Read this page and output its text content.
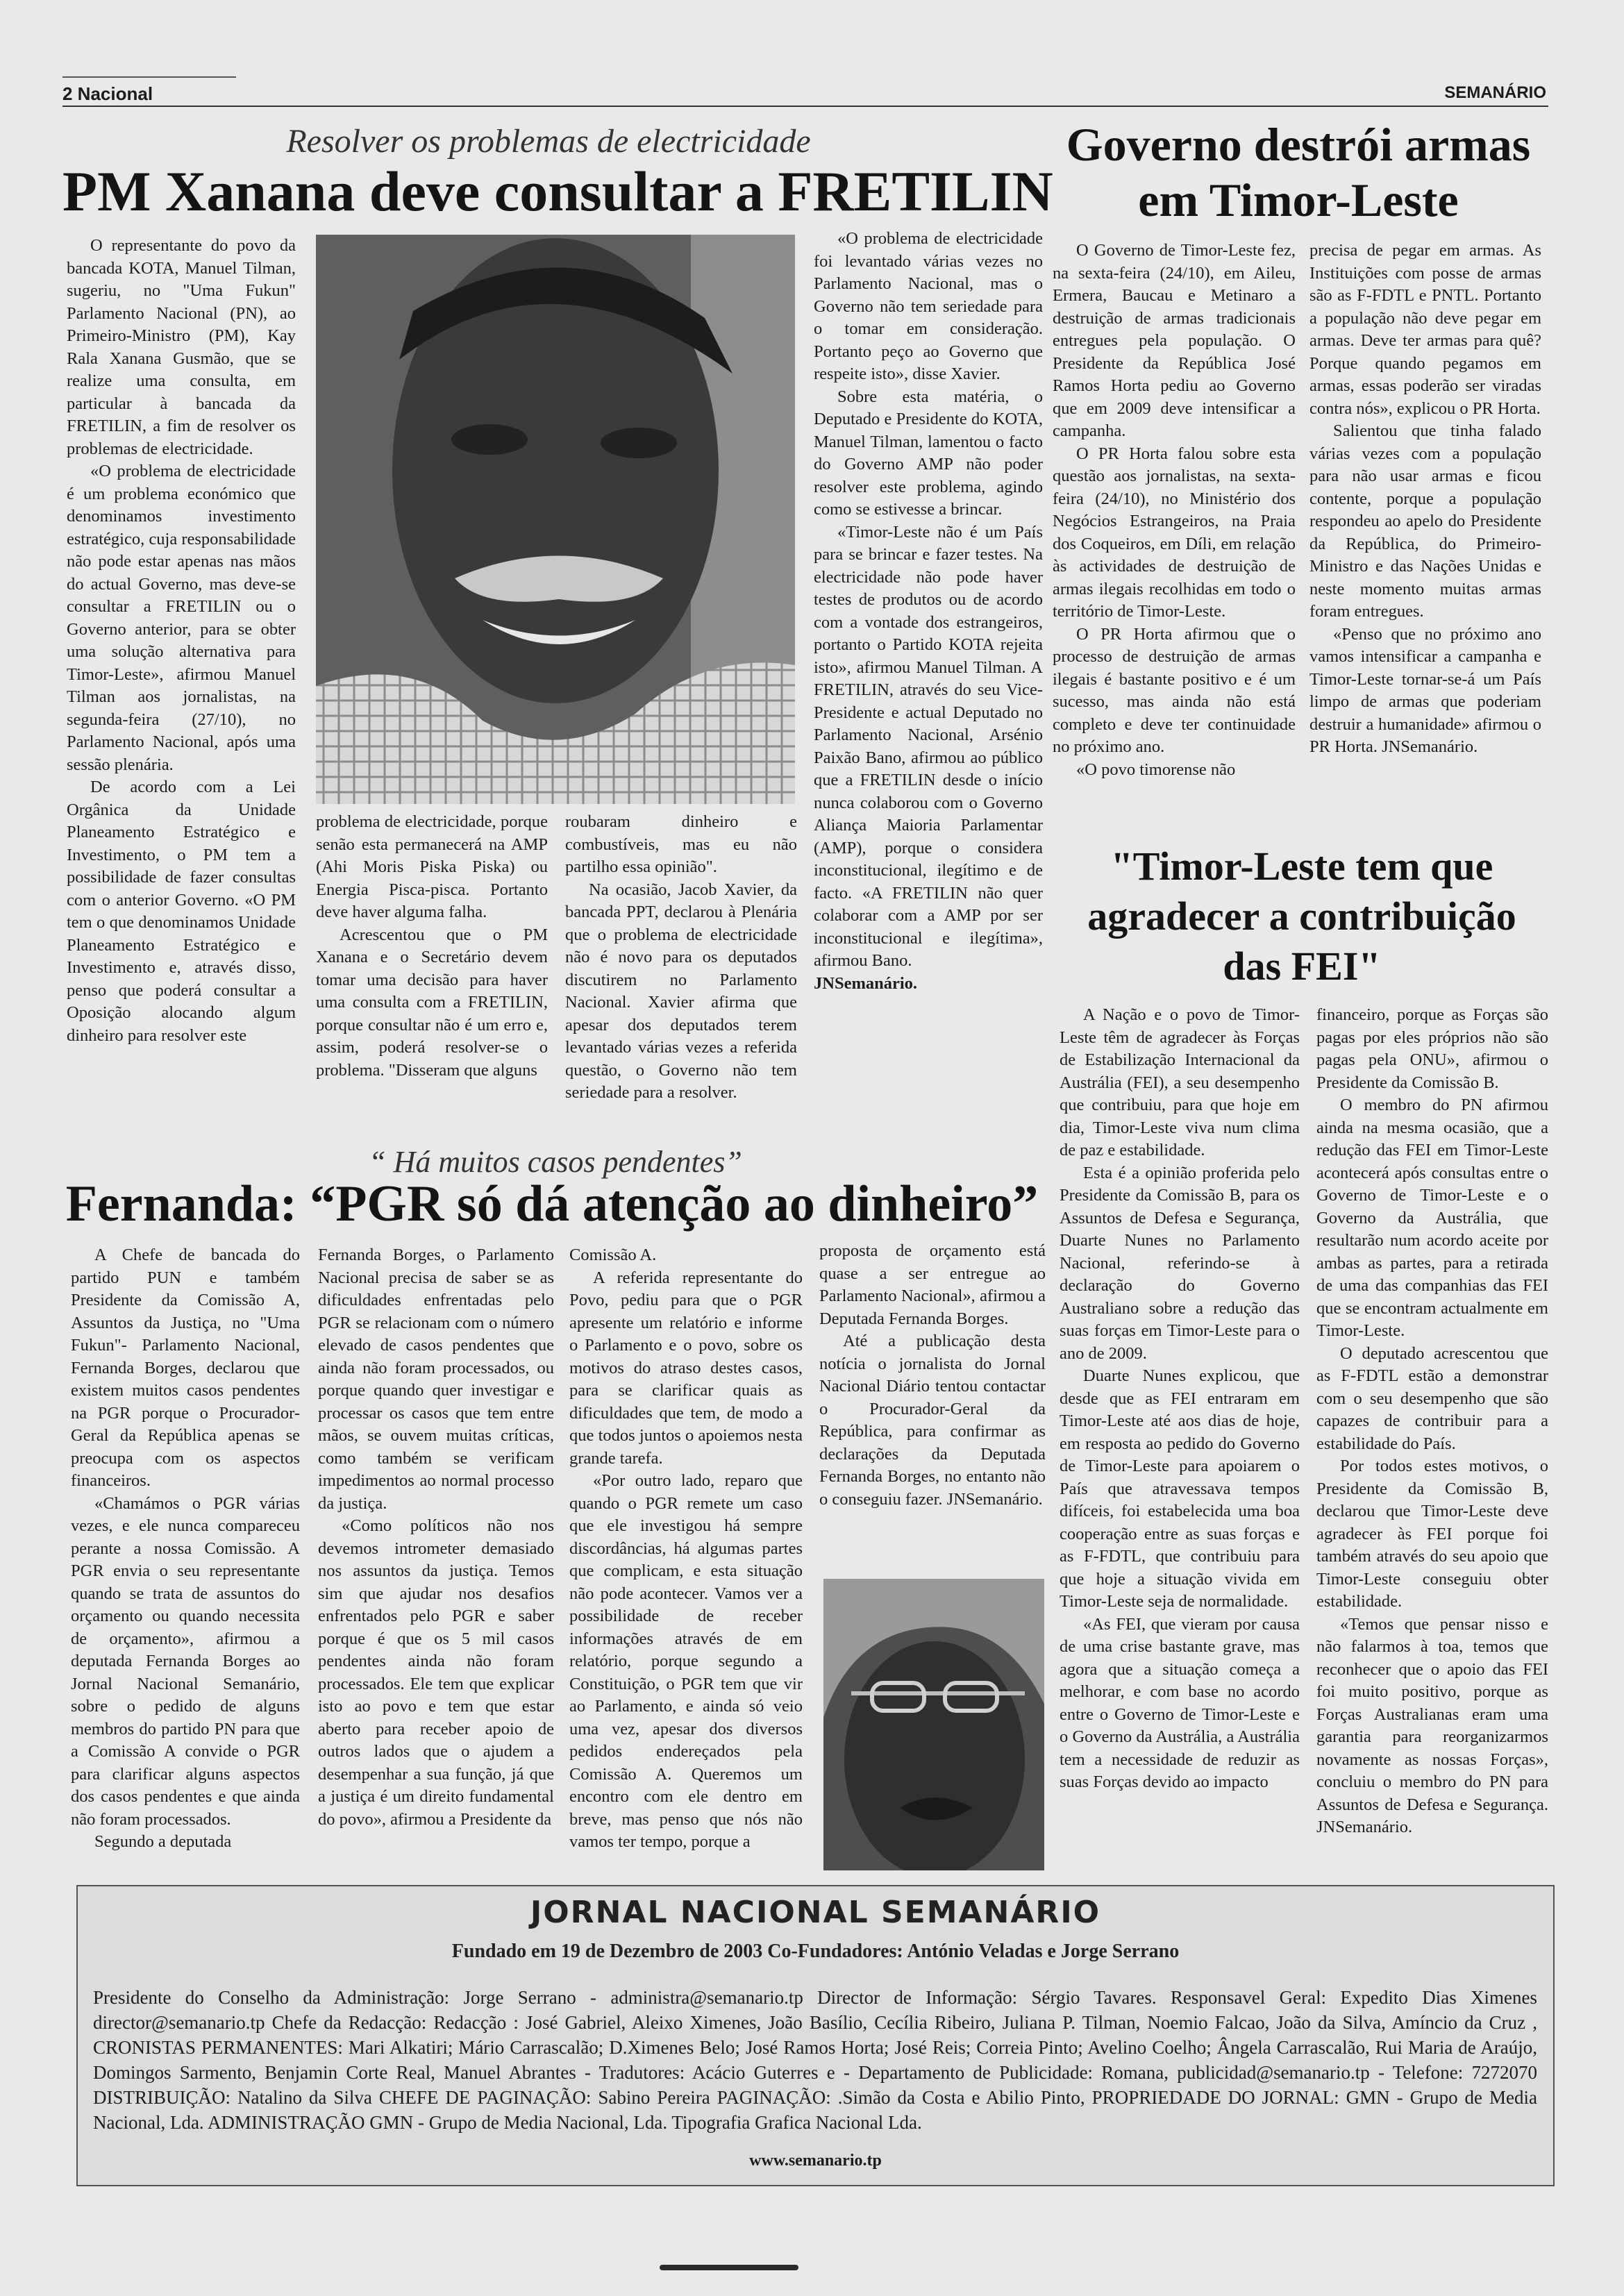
2 Nacional	SEMANÁRIO
Resolver os problemas de electricidade
PM Xanana deve consultar a FRETILIN

O representante do povo da bancada KOTA, Manuel Tilman, sugeriu, no "Uma Fukun" Parlamento Nacional (PN), ao Primeiro-Ministro (PM), Kay Rala Xanana Gusmão, que se realize uma consulta, em particular à bancada da FRETILIN, a fim de resolver os problemas de electricidade.

«O problema de electricidade é um problema económico que denominamos investimento estratégico, cuja responsabilidade não pode estar apenas nas mãos do actual Governo, mas deve-se consultar a FRETILIN ou o Governo anterior, para se obter uma solução alternativa para Timor-Leste», afirmou Manuel Tilman aos jornalistas, na segunda-feira (27/10), no Parlamento Nacional, após uma sessão plenária.

De acordo com a Lei Orgânica da Unidade Planeamento Estratégico e Investimento, o PM tem a possibilidade de fazer consultas com o anterior Governo. «O PM tem o que denominamos Unidade Planeamento Estratégico e Investimento e, através disso, penso que poderá consultar a Oposição alocando algum dinheiro para resolver este

problema de electricidade, porque senão esta permanecerá na AMP (Ahi Moris Piska Piska) ou Energia Pisca-pisca. Portanto deve haver alguma falha.

Acrescentou que o PM Xanana e o Secretário devem tomar uma decisão para haver uma consulta com a FRETILIN, porque consultar não é um erro e, assim, poderá resolver-se o problema. "Disseram que alguns

roubaram dinheiro e combustíveis, mas eu não partilho essa opinião".

Na ocasião, Jacob Xavier, da bancada PPT, declarou à Plenária que o problema de electricidade não é novo para os deputados discutirem no Parlamento Nacional. Xavier afirma que apesar dos deputados terem levantado várias vezes a referida questão, o Governo não tem seriedade para a resolver.

«O problema de electricidade foi levantado várias vezes no Parlamento Nacional, mas o Governo não tem seriedade para o tomar em consideração. Portanto peço ao Governo que respeite isto», disse Xavier.

Sobre esta matéria, o Deputado e Presidente do KOTA, Manuel Tilman, lamentou o facto do Governo AMP não poder resolver este problema, agindo como se estivesse a brincar.

«Timor-Leste não é um País para se brincar e fazer testes. Na electricidade não pode haver testes de produtos ou de acordo com a vontade dos estrangeiros, portanto o Partido KOTA rejeita isto», afirmou Manuel Tilman. A FRETILIN, através do seu Vice-Presidente e actual Deputado no Parlamento Nacional, Arsénio Paixão Bano, afirmou ao público que a FRETILIN desde o início nunca colaborou com o Governo Aliança Maioria Parlamentar (AMP), porque o considera inconstitucional, ilegítimo e de facto. «A FRETILIN não quer colaborar com a AMP por ser inconstitucional e ilegítima», afirmou Bano.

JNSemanário.

Governo destrói armas em Timor-Leste

O Governo de Timor-Leste fez, na sexta-feira (24/10), em Aileu, Ermera, Baucau e Metinaro a destruição de armas tradicionais entregues pela população. O Presidente da República José Ramos Horta pediu ao Governo que em 2009 deve intensificar a campanha.

O PR Horta falou sobre esta questão aos jornalistas, na sexta-feira (24/10), no Ministério dos Negócios Estrangeiros, na Praia dos Coqueiros, em Díli, em relação às actividades de destruição de armas ilegais recolhidas em todo o território de Timor-Leste.

O PR Horta afirmou que o processo de destruição de armas ilegais é bastante positivo e é um sucesso, mas ainda não está completo e deve ter continuidade no próximo ano.

«O povo timorense não

precisa de pegar em armas. As Instituições com posse de armas são as F-FDTL e PNTL. Portanto a população não deve pegar em armas. Deve ter armas para quê? Porque quando pegamos em armas, essas poderão ser viradas contra nós», explicou o PR Horta.

Salientou que tinha falado várias vezes com a população para não usar armas e ficou contente, porque a população respondeu ao apelo do Presidente da República, do Primeiro-Ministro e das Nações Unidas e neste momento muitas armas foram entregues.

«Penso que no próximo ano vamos intensificar a campanha e Timor-Leste tornar-se-á um País limpo de armas que poderiam destruir a humanidade» afirmou o PR Horta. JNSemanário.

"Timor-Leste tem que agradecer a contribuição das FEI"

A Nação e o povo de Timor-Leste têm de agradecer às Forças de Estabilização Internacional da Austrália (FEI), a seu desempenho que contribuiu, para que hoje em dia, Timor-Leste viva num clima de paz e estabilidade.

Esta é a opinião proferida pelo Presidente da Comissão B, para os Assuntos de Defesa e Segurança, Duarte Nunes no Parlamento Nacional, referindo-se à declaração do Governo Australiano sobre a redução das suas forças em Timor-Leste para o ano de 2009.

Duarte Nunes explicou, que desde que as FEI entraram em Timor-Leste até aos dias de hoje, em resposta ao pedido do Governo de Timor-Leste para apoiarem o País que atravessava tempos difíceis, foi estabelecida uma boa cooperação entre as suas forças e as F-FDTL, que contribuiu para que hoje a situação vivida em Timor-Leste seja de normalidade.

«As FEI, que vieram por causa de uma crise bastante grave, mas agora que a situação começa a melhorar, e com base no acordo entre o Governo de Timor-Leste e o Governo da Austrália, a Austrália tem a necessidade de reduzir as suas Forças devido ao impacto

financeiro, porque as Forças são pagas por eles próprios não são pagas pela ONU», afirmou o Presidente da Comissão B.

O membro do PN afirmou ainda na mesma ocasião, que a redução das FEI em Timor-Leste acontecerá após consultas entre o Governo de Timor-Leste e o Governo da Austrália, que resultarão num acordo aceite por ambas as partes, para a retirada de uma das companhias das FEI que se encontram actualmente em Timor-Leste.

O deputado acrescentou que as F-FDTL estão a demonstrar com o seu desempenho que são capazes de contribuir para a estabilidade do País.

Por todos estes motivos, o Presidente da Comissão B, declarou que Timor-Leste deve agradecer às FEI porque foi também através do seu apoio que Timor-Leste conseguiu obter estabilidade.

«Temos que pensar nisso e não falarmos à toa, temos que reconhecer que o apoio das FEI foi muito positivo, porque as Forças Australianas eram uma garantia para reorganizarmos novamente as nossas Forças», concluiu o membro do PN para Assuntos de Defesa e Segurança. JNSemanário.

“ Há muitos casos pendentes”
Fernanda: “PGR só dá atenção ao dinheiro”

A Chefe de bancada do partido PUN e também Presidente da Comissão A, Assuntos da Justiça, no "Uma Fukun"- Parlamento Nacional, Fernanda Borges, declarou que existem muitos casos pendentes na PGR porque o Procurador-Geral da República apenas se preocupa com os aspectos financeiros.

«Chamámos o PGR várias vezes, e ele nunca compareceu perante a nossa Comissão. A PGR envia o seu representante quando se trata de assuntos do orçamento ou quando necessita de orçamento», afirmou a deputada Fernanda Borges ao Jornal Nacional Semanário, sobre o pedido de alguns membros do partido PN para que a Comissão A convide o PGR para clarificar alguns aspectos dos casos pendentes e que ainda não foram processados.

Segundo a deputada

Fernanda Borges, o Parlamento Nacional precisa de saber se as dificuldades enfrentadas pelo PGR se relacionam com o número elevado de casos pendentes que ainda não foram processados, ou porque quando quer investigar e processar os casos que tem entre mãos, se ouvem muitas críticas, como também se verificam impedimentos ao normal processo da justiça.

«Como políticos não nos devemos intrometer demasiado nos assuntos da justiça. Temos sim que ajudar nos desafios enfrentados pelo PGR e saber porque é que os 5 mil casos pendentes ainda não foram processados. Ele tem que explicar isto ao povo e tem que estar aberto para receber apoio de outros lados que o ajudem a desempenhar a sua função, já que a justiça é um direito fundamental do povo», afirmou a Presidente da

Comissão A.

A referida representante do Povo, pediu para que o PGR apresente um relatório e informe o Parlamento e o povo, sobre os motivos do atraso destes casos, para se clarificar quais as dificuldades que tem, de modo a que todos juntos o apoiemos nesta grande tarefa.

«Por outro lado, reparo que quando o PGR remete um caso que ele investigou há sempre discordâncias, há algumas partes que complicam, e esta situação não pode acontecer. Vamos ver a possibilidade de receber informações através de em relatório, porque segundo a Constituição, o PGR tem que vir ao Parlamento, e ainda só veio uma vez, apesar dos diversos pedidos endereçados pela Comissão A. Queremos um encontro com ele dentro em breve, mas penso que nós não vamos ter tempo, porque a

proposta de orçamento está quase a ser entregue ao Parlamento Nacional», afirmou a Deputada Fernanda Borges.

Até a publicação desta notícia o jornalista do Jornal Nacional Diário tentou contactar o Procurador-Geral da República, para confirmar as declarações da Deputada Fernanda Borges, no entanto não o conseguiu fazer. JNSemanário.

JORNAL NACIONAL SEMANÁRIO
Fundado em 19 de Dezembro de 2003 Co-Fundadores: António Veladas e Jorge Serrano
Presidente do Conselho da Administração: Jorge Serrano - administra@semanario.tp Director de Informação: Sérgio Tavares. Responsavel Geral: Expedito Dias Ximenes director@semanario.tp Chefe da Redacção: Redacção : José Gabriel, Aleixo Ximenes, João Basílio, Cecília Ribeiro, Juliana P. Tilman, Noemio Falcao, João da Silva, Amíncio da Cruz , CRONISTAS PERMANENTES: Mari Alkatiri; Mário Carrascalão; D.Ximenes Belo; José Ramos Horta; José Reis; Correia Pinto; Avelino Coelho; Ângela Carrascalão, Rui Maria de Araújo, Domingos Sarmento, Benjamin Corte Real, Manuel Abrantes - Tradutores: Acácio Guterres e - Departamento de Publicidade: Romana, publicidad@semanario.tp - Telefone: 7272070 DISTRIBUIÇÃO: Natalino da Silva CHEFE DE PAGINAÇÃO: Sabino Pereira PAGINAÇÃO: .Simão da Costa e Abilio Pinto, PROPRIEDADE DO JORNAL: GMN - Grupo de Media Nacional, Lda. ADMINISTRAÇÃO GMN - Grupo de Media Nacional, Lda. Tipografia Grafica Nacional Lda.
www.semanario.tp
